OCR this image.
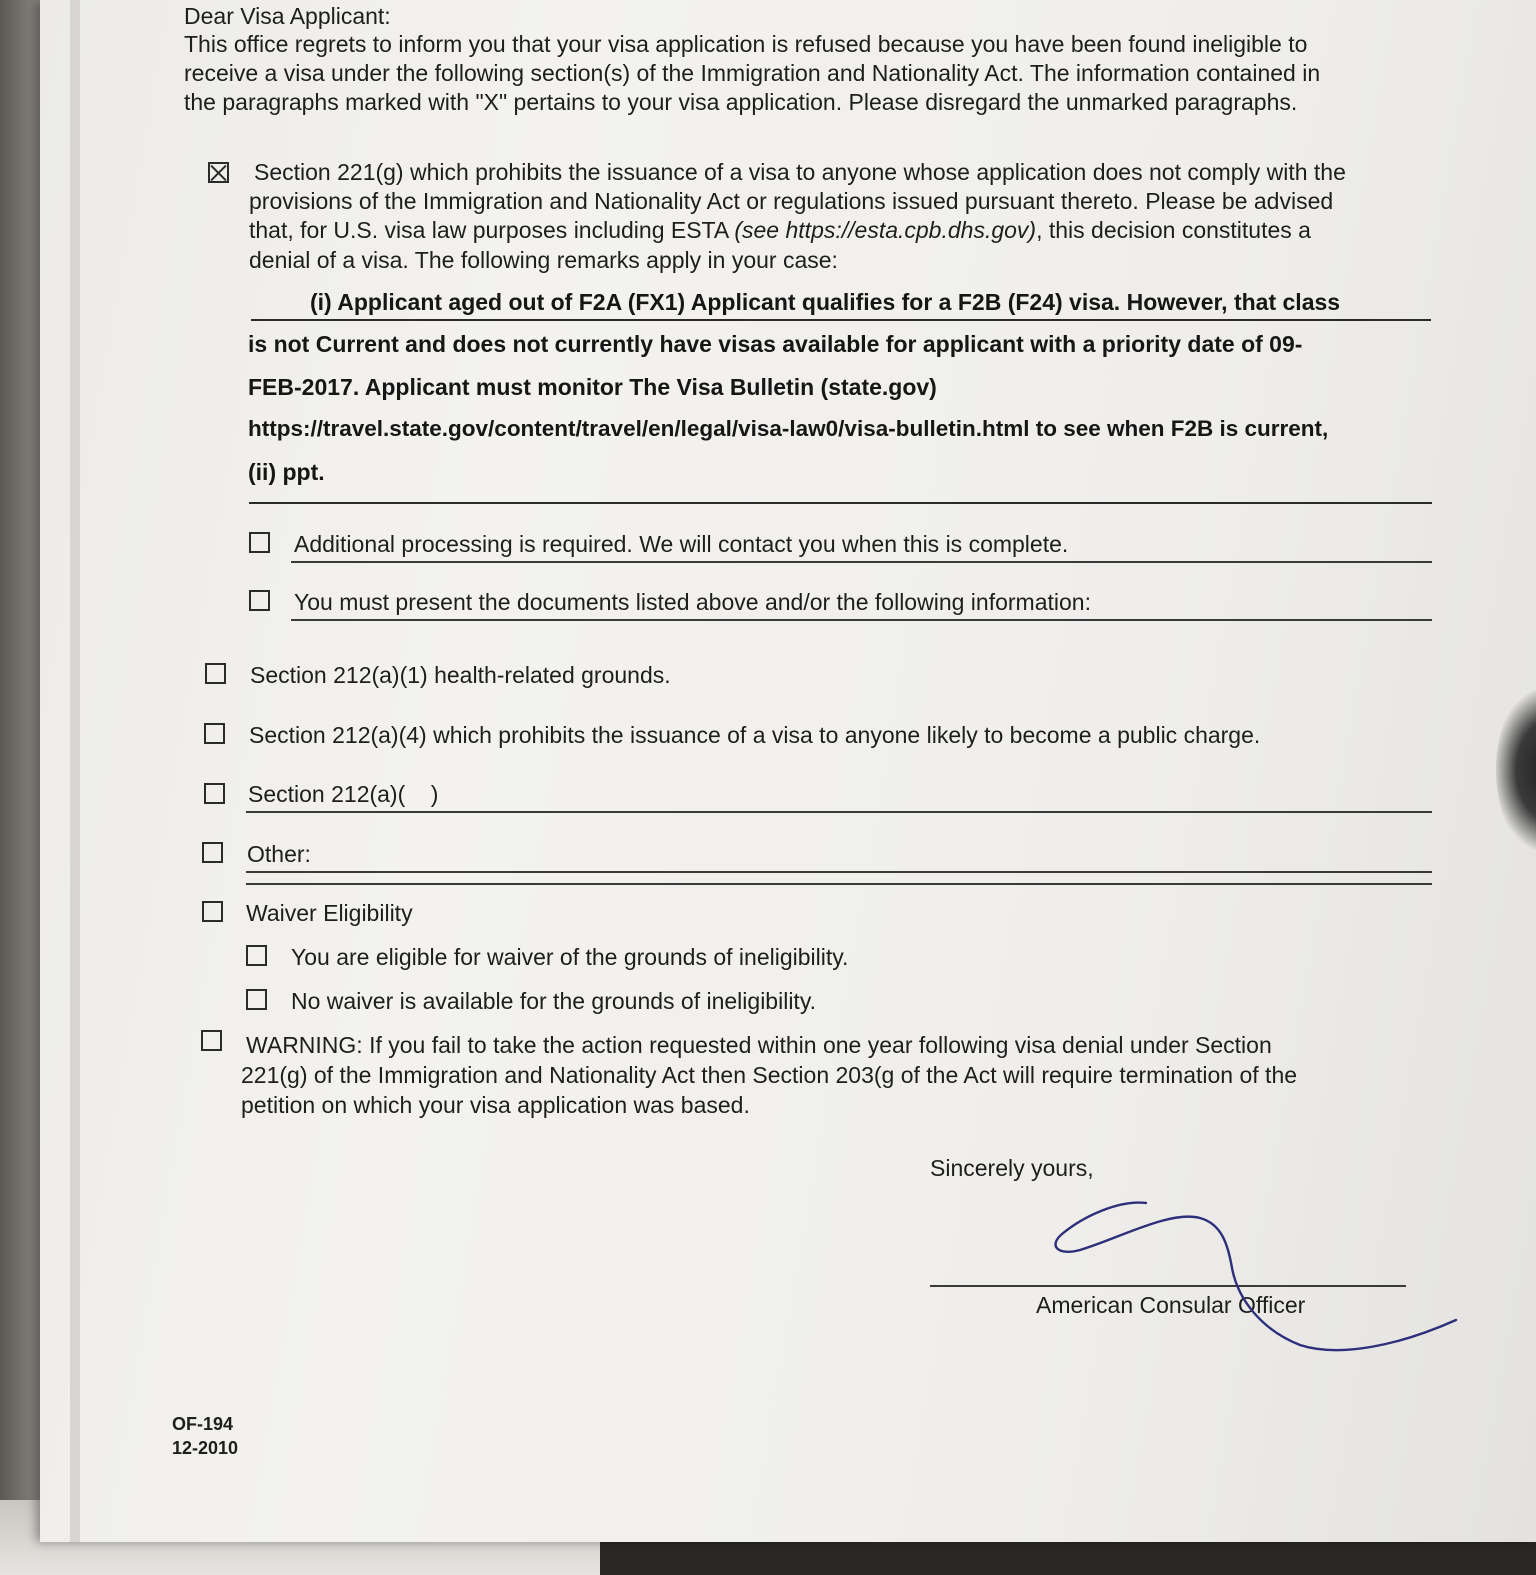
Dear Visa Applicant:
This office regrets to inform you that your visa application is refused because you have been found ineligible to
receive a visa under the following section(s) of the Immigration and Nationality Act. The information contained in
the paragraphs marked with "X" pertains to your visa application. Please disregard the unmarked paragraphs.
Section 221(g) which prohibits the issuance of a visa to anyone whose application does not comply with the
provisions of the Immigration and Nationality Act or regulations issued pursuant thereto. Please be advised
that, for U.S. visa law purposes including ESTA (see https://esta.cpb.dhs.gov), this decision constitutes a
denial of a visa. The following remarks apply in your case:
(i) Applicant aged out of F2A (FX1) Applicant qualifies for a F2B (F24) visa. However, that class
is not Current and does not currently have visas available for applicant with a priority date of 09-
FEB-2017. Applicant must monitor The Visa Bulletin (state.gov)
https://travel.state.gov/content/travel/en/legal/visa-law0/visa-bulletin.html to see when F2B is current,
(ii) ppt.
Additional processing is required. We will contact you when this is complete.
You must present the documents listed above and/or the following information:
Section 212(a)(1) health-related grounds.
Section 212(a)(4) which prohibits the issuance of a visa to anyone likely to become a public charge.
Section 212(a)(    )
Other:
Waiver Eligibility
You are eligible for waiver of the grounds of ineligibility.
No waiver is available for the grounds of ineligibility.
WARNING: If you fail to take the action requested within one year following visa denial under Section
221(g) of the Immigration and Nationality Act then Section 203(g of the Act will require termination of the
petition on which your visa application was based.
Sincerely yours,
American Consular Officer
OF-194
12-2010
